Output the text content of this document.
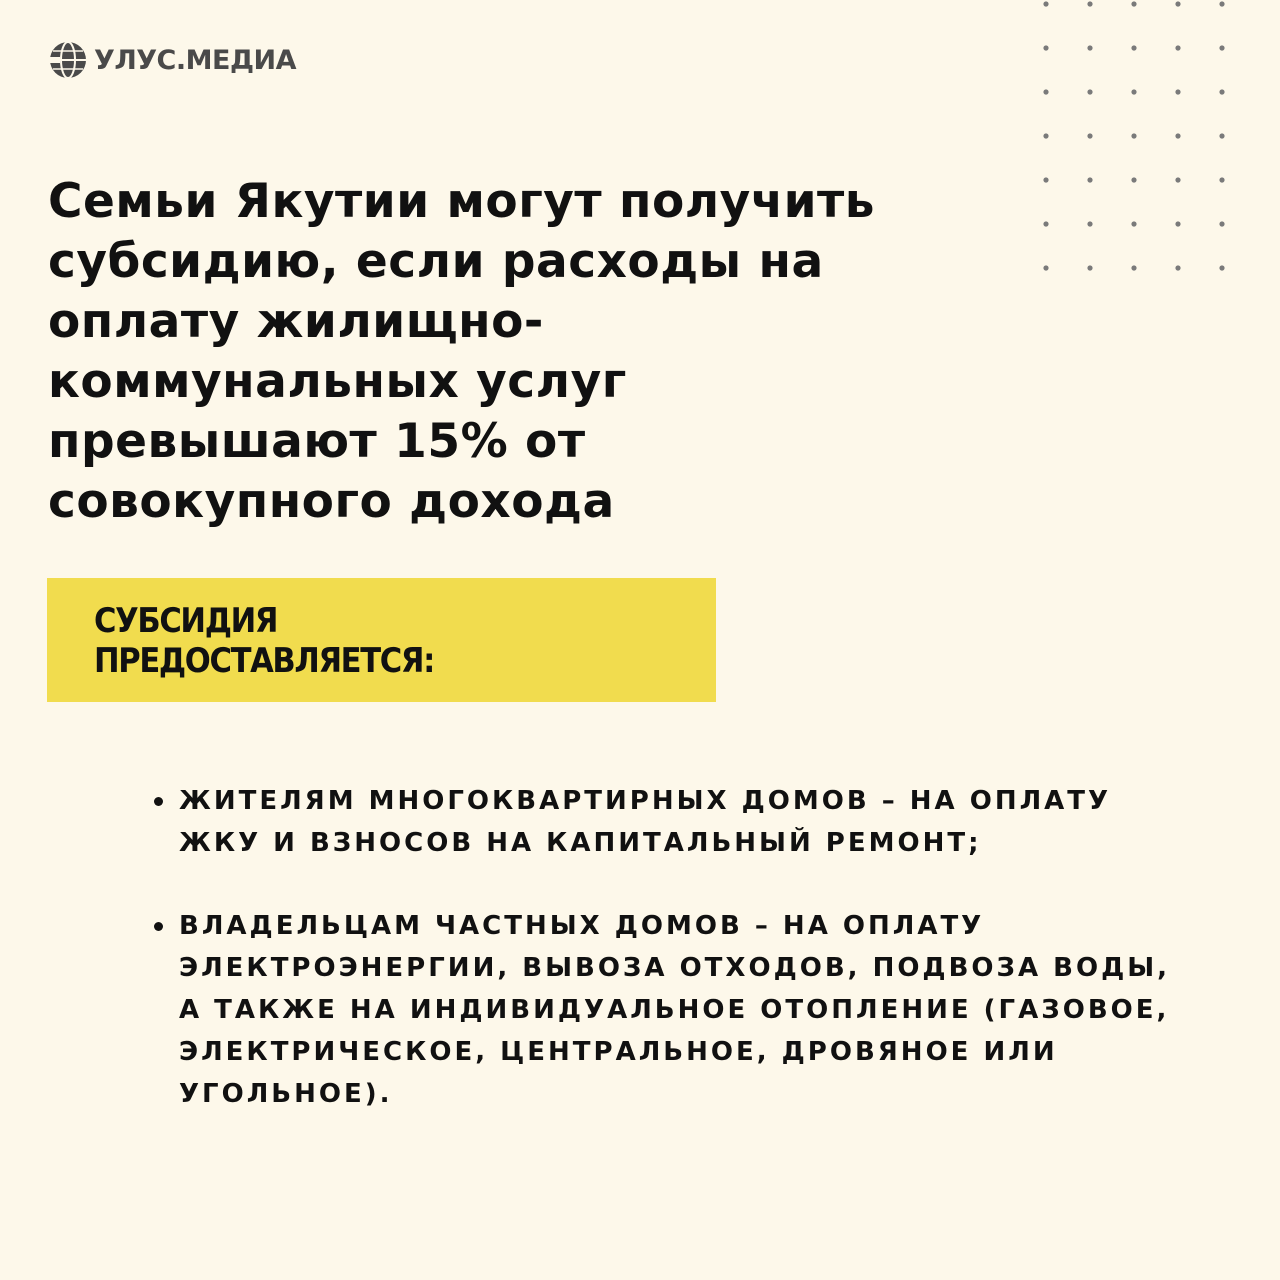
УЛУС.МЕДИА
Семьи Якутии могут получить субсидию, если расходы на оплату жилищно-коммунальных услуг превышают 15% от совокупного дохода
СУБСИДИЯ
ПРЕДОСТАВЛЯЕТСЯ:
ЖИТЕЛЯМ МНОГОКВАРТИРНЫХ ДОМОВ – НА ОПЛАТУ ЖКУ И ВЗНОСОВ НА КАПИТАЛЬНЫЙ РЕМОНТ;
ВЛАДЕЛЬЦАМ ЧАСТНЫХ ДОМОВ – НА ОПЛАТУ ЭЛЕКТРОЭНЕРГИИ, ВЫВОЗА ОТХОДОВ, ПОДВОЗА ВОДЫ, А ТАКЖЕ НА ИНДИВИДУАЛЬНОЕ ОТОПЛЕНИЕ (ГАЗОВОЕ, ЭЛЕКТРИЧЕСКОЕ, ЦЕНТРАЛЬНОЕ, ДРОВЯНОЕ ИЛИ УГОЛЬНОЕ).
